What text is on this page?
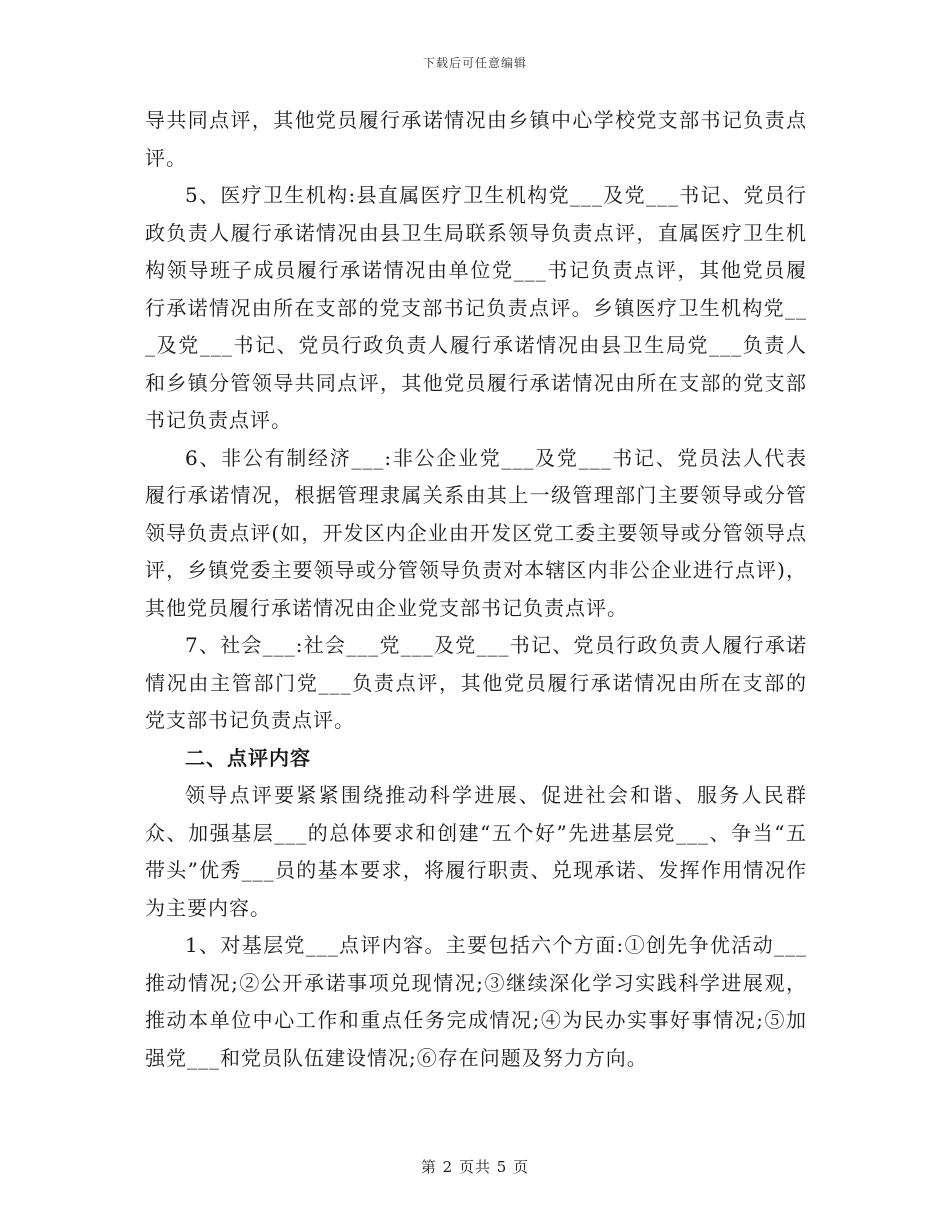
下载后可任意编辑

导共同点评，其他党员履行承诺情况由乡镇中心学校党支部书记负责点评。

5、医疗卫生机构:县直属医疗卫生机构党___及党___书记、党员行政负责人履行承诺情况由县卫生局联系领导负责点评，直属医疗卫生机构领导班子成员履行承诺情况由单位党___书记负责点评，其他党员履行承诺情况由所在支部的党支部书记负责点评。乡镇医疗卫生机构党___及党___书记、党员行政负责人履行承诺情况由县卫生局党___负责人和乡镇分管领导共同点评，其他党员履行承诺情况由所在支部的党支部书记负责点评。

6、非公有制经济___:非公企业党___及党___书记、党员法人代表履行承诺情况，根据管理隶属关系由其上一级管理部门主要领导或分管领导负责点评(如，开发区内企业由开发区党工委主要领导或分管领导点评，乡镇党委主要领导或分管领导负责对本辖区内非公企业进行点评)，其他党员履行承诺情况由企业党支部书记负责点评。

7、社会___:社会___党___及党___书记、党员行政负责人履行承诺情况由主管部门党___负责点评，其他党员履行承诺情况由所在支部的党支部书记负责点评。

二、点评内容

领导点评要紧紧围绕推动科学进展、促进社会和谐、服务人民群众、加强基层___的总体要求和创建“五个好”先进基层党___、争当“五带头”优秀___员的基本要求，将履行职责、兑现承诺、发挥作用情况作为主要内容。

1、对基层党___点评内容。主要包括六个方面:①创先争优活动___推动情况;②公开承诺事项兑现情况;③继续深化学习实践科学进展观，推动本单位中心工作和重点任务完成情况;④为民办实事好事情况;⑤加强党___和党员队伍建设情况;⑥存在问题及努力方向。

第 2 页共 5 页
